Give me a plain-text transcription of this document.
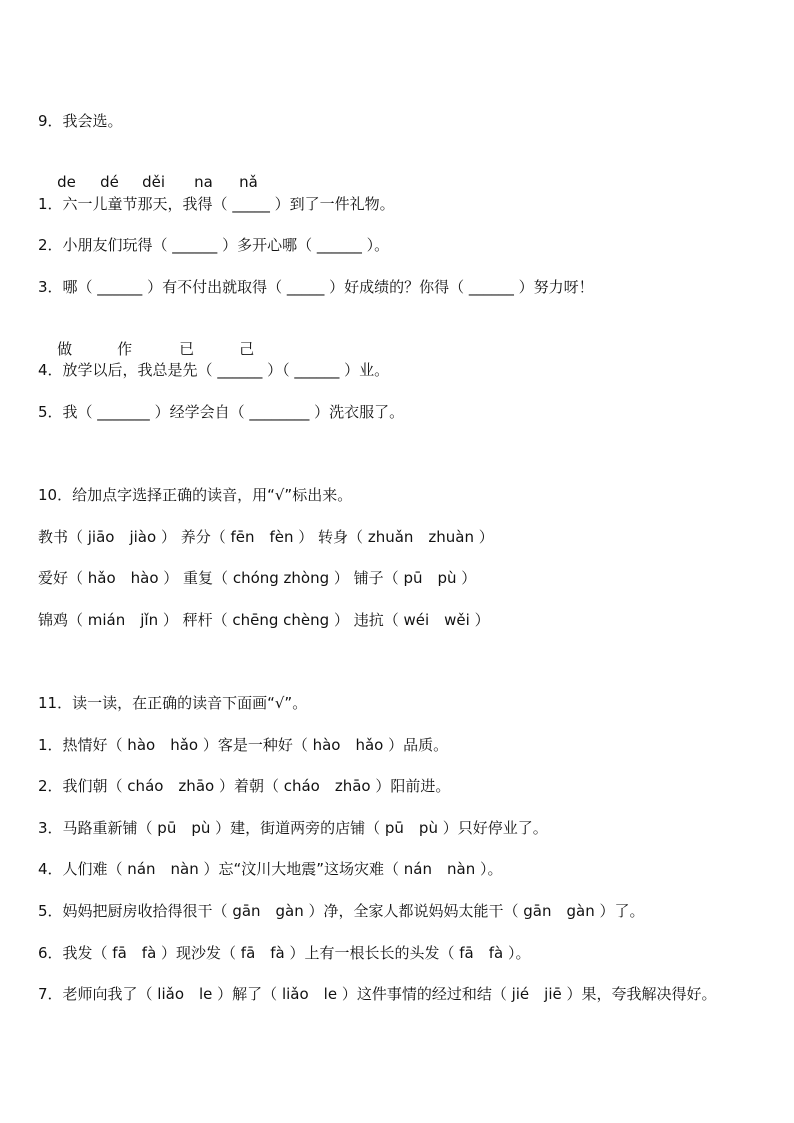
9．我会选。

de dé děi na nǎ

1．六一儿童节那天，我得（ _____ ）到了一件礼物。
2．小朋友们玩得（ ______ ）多开心哪（ ______ ）。
3．哪（ ______ ）有不付出就取得（ _____ ）好成绩的？你得（ ______ ）努力呀！

做	作	已	己

4．放学以后，我总是先（ ______ ）（ ______ ）业。
5．我（ _______ ）经学会自（ ________ ）洗衣服了。
10．给加点字选择正确的读音，用“√”标出来。
教书（ jiāo　jiào ） 养分（ fēn　fèn ） 转身（ zhuǎn　zhuàn ）
爱好（ hǎo　hào ） 重复（ chóng zhòng ） 铺子（ pū　pù ）
锦鸡（ mián　jǐn ） 秤杆（ chēng chèng ） 违抗（ wéi　wěi ）
11．读一读，在正确的读音下面画“√”。
1．热情好（ hào　hǎo ）客是一种好（ hào　hǎo ）品质。
2．我们朝（ cháo　zhāo ）着朝（ cháo　zhāo ）阳前进。
3．马路重新铺（ pū　pù ）建，街道两旁的店铺（ pū　pù ）只好停业了。
4．人们难（ nán　nàn ）忘“汶川大地震”这场灾难（ nán　nàn ）。
5．妈妈把厨房收拾得很干（ gān　gàn ）净，全家人都说妈妈太能干（ gān　gàn ）了。
6．我发（ fā　fà ）现沙发（ fā　fà ）上有一根长长的头发（ fā　fà ）。
7．老师向我了（ liǎo　le ）解了（ liǎo　le ）这件事情的经过和结（ jié　jiē ）果，夸我解决得好。
